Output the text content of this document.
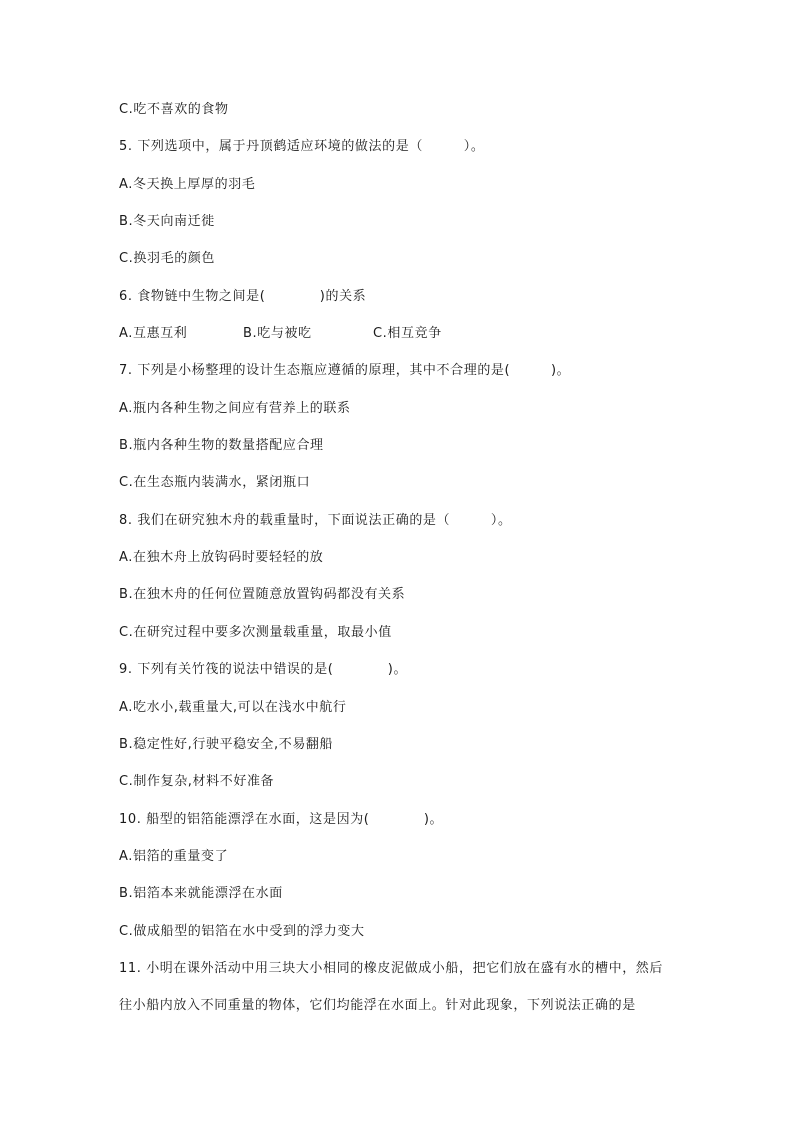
C.吃不喜欢的食物
5. 下列选项中，属于丹顶鹤适应环境的做法的是（　　　）。
A.冬天换上厚厚的羽毛
B.冬天向南迁徙
C.换羽毛的颜色
6. 食物链中生物之间是(　　　　)的关系

A.互惠互利

	B.吃与被吃

	C.相互竞争

7. 下列是小杨整理的设计生态瓶应遵循的原理，其中不合理的是(　　　)。
A.瓶内各种生物之间应有营养上的联系
B.瓶内各种生物的数量搭配应合理
C.在生态瓶内装满水，紧闭瓶口
8. 我们在研究独木舟的载重量时，下面说法正确的是（　　　）。
A.在独木舟上放钩码时要轻轻的放
B.在独木舟的任何位置随意放置钩码都没有关系
C.在研究过程中要多次测量载重量，取最小值
9. 下列有关竹筏的说法中错误的是(　　　　)。
A.吃水小,载重量大,可以在浅水中航行
B.稳定性好,行驶平稳安全,不易翻船
C.制作复杂,材料不好准备
10. 船型的铝箔能漂浮在水面，这是因为(　　　　)。
A.铝箔的重量变了
B.铝箔本来就能漂浮在水面
C.做成船型的铝箔在水中受到的浮力变大
11. 小明在课外活动中用三块大小相同的橡皮泥做成小船，把它们放在盛有水的槽中，然后
往小船内放入不同重量的物体，它们均能浮在水面上。针对此现象，下列说法正确的是
